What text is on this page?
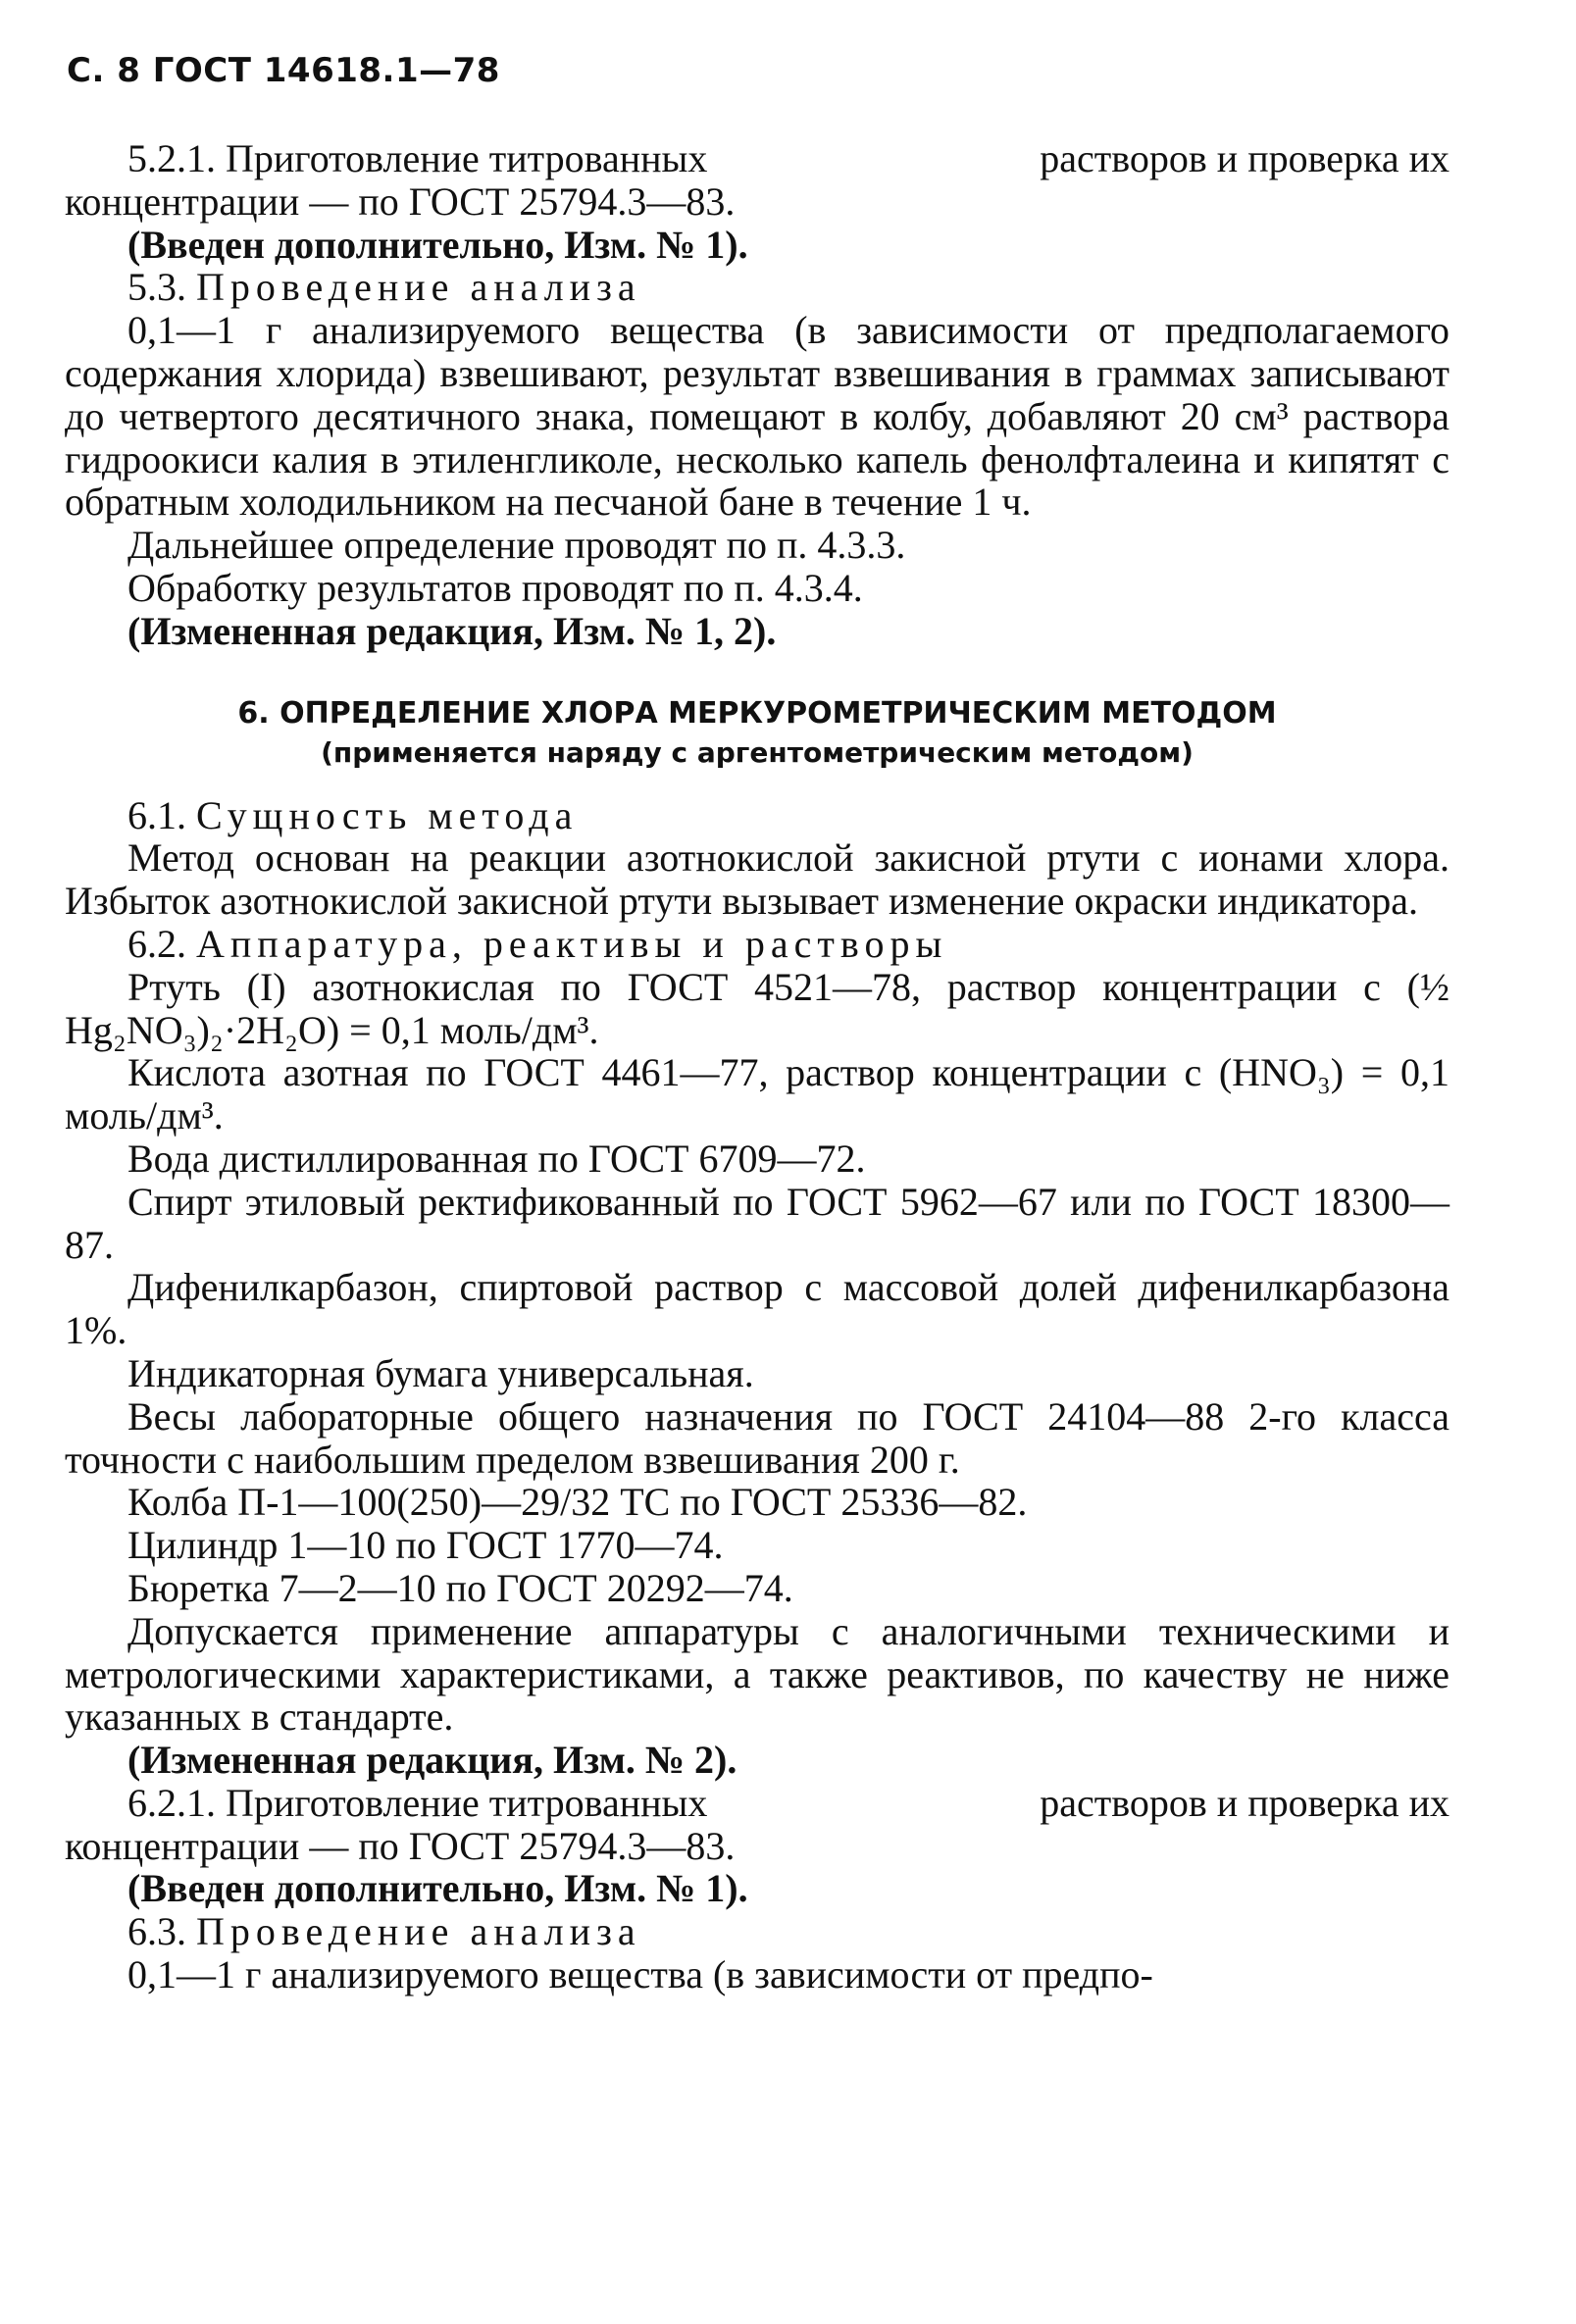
С. 8 ГОСТ 14618.1—78
5.2.1. Приготовление титрованных	растворов и проверка их

концентрации — по ГОСТ 25794.3—83.

(Введен дополнительно, Изм. № 1).

5.3. Проведение анализа

0,1—1 г анализируемого вещества (в зависимости от предполагаемого содержания хлорида) взвешивают, результат взвешивания в граммах записывают до четвертого десятичного знака, помещают в колбу, добавляют 20 см³ раствора гидроокиси калия в этиленгликоле, несколько капель фенолфталеина и кипятят с обратным холодильником на песчаной бане в течение 1 ч.

Дальнейшее определение проводят по п. 4.3.3.

Обработку результатов проводят по п. 4.3.4.

(Измененная редакция, Изм. № 1, 2).

6. ОПРЕДЕЛЕНИЕ ХЛОРА МЕРКУРОМЕТРИЧЕСКИМ МЕТОДОМ
(применяется наряду с аргентометрическим методом)

6.1. Сущность метода

Метод основан на реакции азотнокислой закисной ртути с ионами хлора. Избыток азотнокислой закисной ртути вызывает изменение окраски индикатора.

6.2. Аппаратура, реактивы и растворы

Ртуть (I) азотнокислая по ГОСТ 4521—78, раствор концентрации c (½ Hg₂NO₃)₂·2H₂O) = 0,1 моль/дм³.

Кислота азотная по ГОСТ 4461—77, раствор концентрации c (HNO₃) = 0,1 моль/дм³.

Вода дистиллированная по ГОСТ 6709—72.

Спирт этиловый ректификованный по ГОСТ 5962—67 или по ГОСТ 18300—87.

Дифенилкарбазон, спиртовой раствор с массовой долей дифенилкарбазона 1%.

Индикаторная бумага универсальная.

Весы лабораторные общего назначения по ГОСТ 24104—88 2-го класса точности с наибольшим пределом взвешивания 200 г.

Колба П-1—100(250)—29/32 ТС по ГОСТ 25336—82.

Цилиндр 1—10 по ГОСТ 1770—74.

Бюретка 7—2—10 по ГОСТ 20292—74.

Допускается применение аппаратуры с аналогичными техническими и метрологическими характеристиками, а также реактивов, по качеству не ниже указанных в стандарте.

(Измененная редакция, Изм. № 2).

6.2.1. Приготовление титрованных	растворов и проверка их

концентрации — по ГОСТ 25794.3—83.

(Введен дополнительно, Изм. № 1).

6.3. Проведение анализа

0,1—1 г анализируемого вещества (в зависимости от предпо-
